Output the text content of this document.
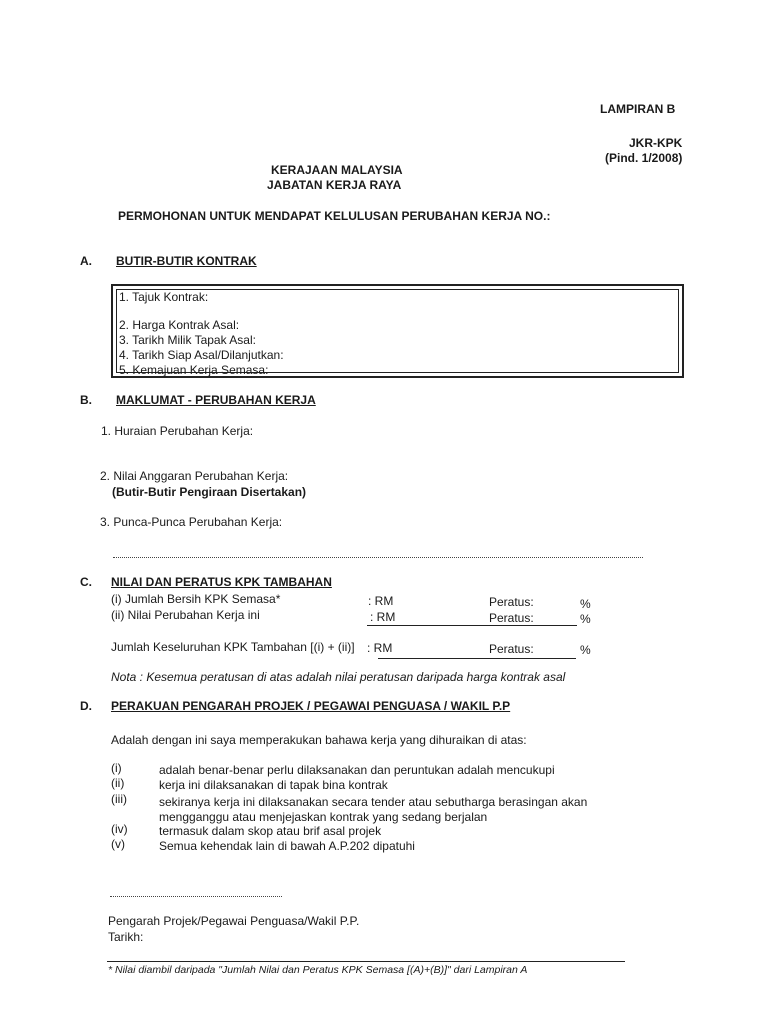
LAMPIRAN B
JKR-KPK
(Pind. 1/2008)
KERAJAAN MALAYSIA
JABATAN KERJA RAYA
PERMOHONAN UNTUK MENDAPAT KELULUSAN PERUBAHAN KERJA NO.:
A. BUTIR-BUTIR KONTRAK
1. Tajuk Kontrak:
2. Harga Kontrak Asal:
3. Tarikh Milik Tapak Asal:
4. Tarikh Siap Asal/Dilanjutkan:
5. Kemajuan Kerja Semasa:
B. MAKLUMAT - PERUBAHAN KERJA
1. Huraian Perubahan Kerja:
2. Nilai Anggaran Perubahan Kerja:
(Butir-Butir Pengiraan Disertakan)
3. Punca-Punca Perubahan Kerja:
C. NILAI DAN PERATUS KPK TAMBAHAN
(i) Jumlah Bersih KPK Semasa*	: RM	Peratus:	%
(ii) Nilai Perubahan Kerja ini	: RM	Peratus:	%
Jumlah Keseluruhan KPK Tambahan [(i) + (ii)] : RM	Peratus:	%
Nota : Kesemua peratusan di atas adalah nilai peratusan daripada harga kontrak asal
D. PERAKUAN PENGARAH PROJEK / PEGAWAI PENGUASA / WAKIL P.P
Adalah dengan ini saya memperakukan bahawa kerja yang dihuraikan di atas:
(i)	adalah benar-benar perlu dilaksanakan dan peruntukan adalah mencukupi
(ii)	kerja ini dilaksanakan di tapak bina kontrak
(iii)	sekiranya kerja ini dilaksanakan secara tender atau sebutharga berasingan akan
mengganggu atau menjejaskan kontrak yang sedang berjalan
(iv)	termasuk dalam skop atau brif asal projek
(v)	Semua kehendak lain di bawah A.P.202 dipatuhi
Pengarah Projek/Pegawai Penguasa/Wakil P.P.
Tarikh:
* Nilai diambil daripada "Jumlah Nilai dan Peratus KPK Semasa [(A)+(B)]" dari Lampiran A
